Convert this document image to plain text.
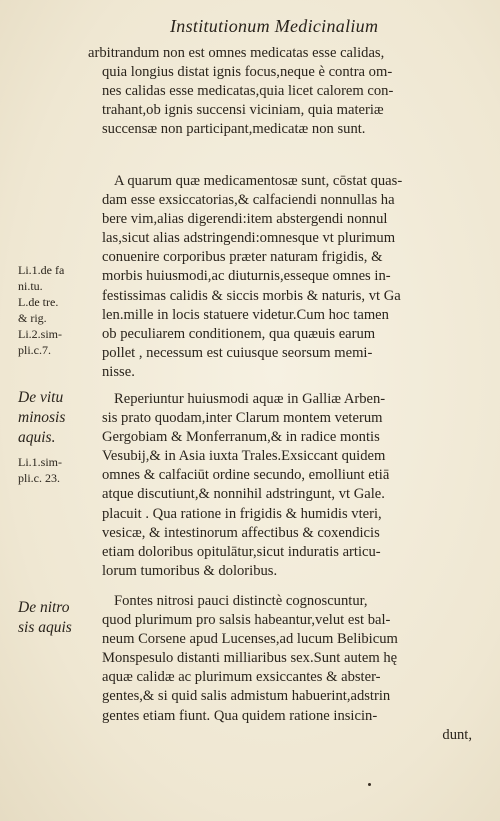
Institutionum Medicinalium
arbitrandum non est omnes medicatas esse calidas,
quia longius distat ignis focus,neque è contra om-
nes calidas esse medicatas,quia licet calorem con-
trahant,ob ignis succensi viciniam, quia materiæ
succensæ non participant,medicatæ non sunt.
A quarum quæ medicamentosæ sunt, cōstat quas-
dam esse exsiccatorias,& calfaciendi nonnullas ha
bere vim,alias digerendi:item abstergendi nonnul
las,sicut alias adstringendi:omnesque vt plurimum
conuenire corporibus præter naturam frigidis, &
morbis huiusmodi,ac diuturnis,esseque omnes in-
festissimas calidis & siccis morbis & naturis, vt Ga
len.mille in locis statuere videtur.Cum hoc tamen
ob peculiarem conditionem, qua quæuis earum
pollet , necessum est cuiusque seorsum memi-
nisse.
Reperiuntur huiusmodi aquæ in Galliæ Arben-
sis prato quodam,inter Clarum montem veterum
Gergobiam & Monferranum,& in radice montis
Vesubij,& in Asia iuxta Trales.Exsiccant quidem
omnes & calfaciūt ordine secundo, emolliunt etiā
atque discutiunt,& nonnihil adstringunt, vt Gale.
placuit . Qua ratione in frigidis & humidis vteri,
vesicæ, & intestinorum affectibus & coxendicis
etiam doloribus opitulātur,sicut induratis articu-
lorum tumoribus & doloribus.
Fontes nitrosi pauci distinctè cognoscuntur,
quod plurimum pro salsis habeantur,velut est bal-
neum Corsene apud Lucenses,ad lucum Belibicum
Monspesulo distanti milliaribus sex.Sunt autem hę
aquæ calidæ ac plurimum exsiccantes & abster-
gentes,& si quid salis admistum habuerint,adstrin
gentes etiam fiunt. Qua quidem ratione insicin-
dunt,
Li.1.de fa
ni.tu.
L.de tre.
& rig.
Li.2.sim-
pli.c.7.
De vitu
minosis
aquis.
Li.1.sim-
pli.c. 23.
De nitro
sis aquis
